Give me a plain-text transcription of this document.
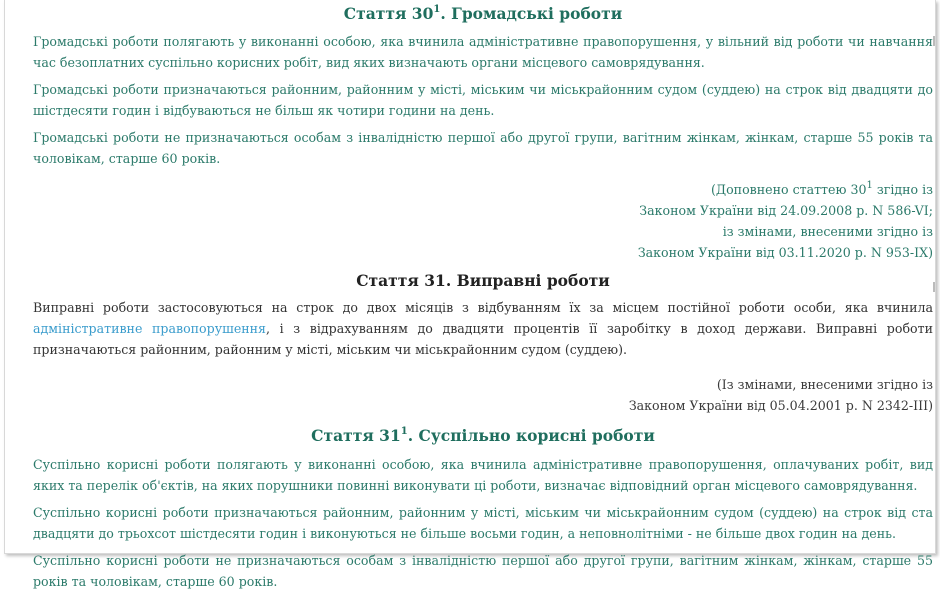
Стаття $30^1$. Громадські роботи

Громадські роботи полягають у виконанні особою, яка вчинила адміністративне правопорушення, у вільний від роботи чи навчання час безоплатних суспільно корисних робіт, вид яких визначають органи місцевого самоврядування.

Громадські роботи призначаються районним, районним у місті, міським чи міськрайонним судом (суддею) на строк від двадцяти до шістдесяти годин і відбуваються не більш як чотири години на день.

Громадські роботи не призначаються особам з інвалідністю першої або другої групи, вагітним жінкам, жінкам, старше 55 років та чоловікам, старше 60 років.

(Доповнено статтею $30^1$ згідно із
Законом України від 24.09.2008 р. N 586-VI;
із змінами, внесеними згідно із
Законом України від 03.11.2020 р. N 953-IX)
Стаття 31. Виправні роботи

Виправні роботи застосовуються на строк до двох місяців з відбуванням їх за місцем постійної роботи особи, яка вчинила адміністративне правопорушення, і з відрахуванням до двадцяти процентів її заробітку в доход держави. Виправні роботи призначаються районним, районним у місті, міським чи міськрайонним судом (суддею).

(Із змінами, внесеними згідно із
Законом України від 05.04.2001 р. N 2342-III)
Стаття $31^1$. Суспільно корисні роботи

Суспільно корисні роботи полягають у виконанні особою, яка вчинила адміністративне правопорушення, оплачуваних робіт, вид яких та перелік об'єктів, на яких порушники повинні виконувати ці роботи, визначає відповідний орган місцевого самоврядування.

Суспільно корисні роботи призначаються районним, районним у місті, міським чи міськрайонним судом (суддею) на строк від ста двадцяти до трьохсот шістдесяти годин і виконуються не більше восьми годин, а неповнолітніми - не більше двох годин на день.

Суспільно корисні роботи не призначаються особам з інвалідністю першої або другої групи, вагітним жінкам, жінкам, старше 55 років та чоловікам, старше 60 років.
